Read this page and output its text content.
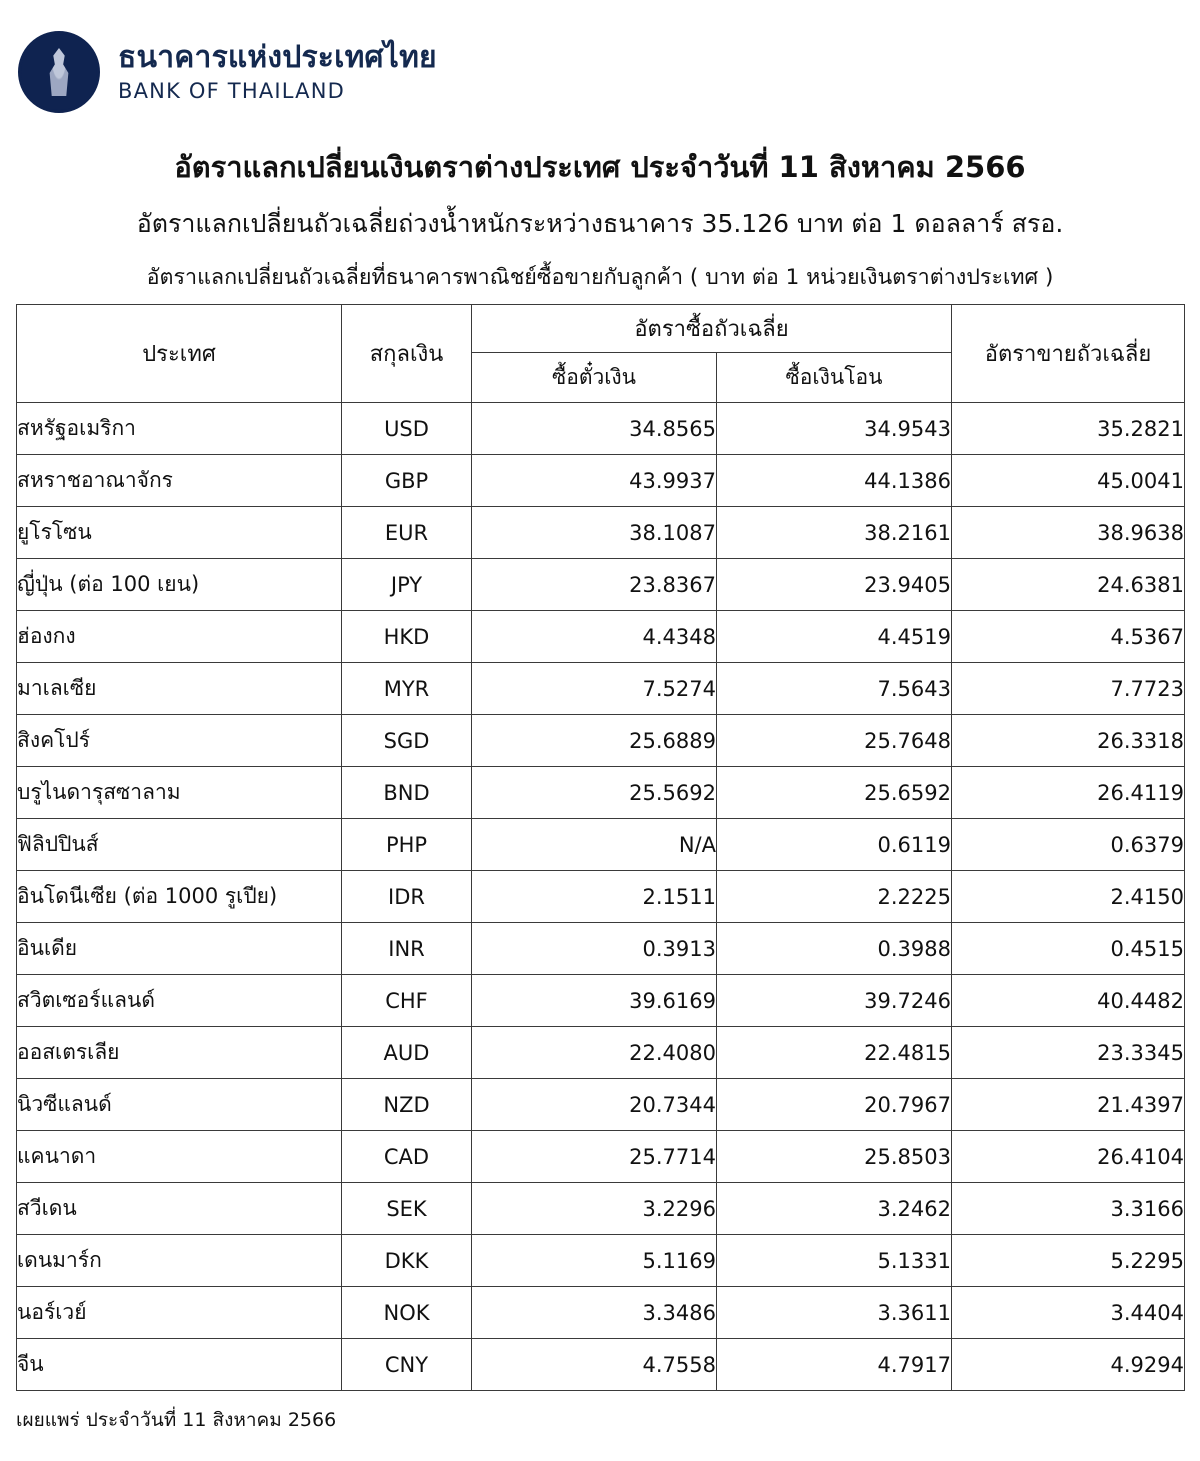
ธนาคารแห่งประเทศไทย
BANK OF THAILAND
อัตราแลกเปลี่ยนเงินตราต่างประเทศ ประจำวันที่ 11 สิงหาคม 2566
อัตราแลกเปลี่ยนถัวเฉลี่ยถ่วงน้ำหนักระหว่างธนาคาร 35.126 บาท ต่อ 1 ดอลลาร์ สรอ.
อัตราแลกเปลี่ยนถัวเฉลี่ยที่ธนาคารพาณิชย์ซื้อขายกับลูกค้า ( บาท ต่อ 1 หน่วยเงินตราต่างประเทศ )
ประเทศ	สกุลเงิน	อัตราซื้อถัวเฉลี่ย		อัตราขายถัวเฉลี่ย
		ซื้อตั๋วเงิน	ซื้อเงินโอน	
สหรัฐอเมริกา	USD	34.8565	34.9543	35.2821
สหราชอาณาจักร	GBP	43.9937	44.1386	45.0041
ยูโรโซน	EUR	38.1087	38.2161	38.9638
ญี่ปุ่น (ต่อ 100 เยน)	JPY	23.8367	23.9405	24.6381
ฮ่องกง	HKD	4.4348	4.4519	4.5367
มาเลเซีย	MYR	7.5274	7.5643	7.7723
สิงคโปร์	SGD	25.6889	25.7648	26.3318
บรูไนดารุสซาลาม	BND	25.5692	25.6592	26.4119
ฟิลิปปินส์	PHP	N/A	0.6119	0.6379
อินโดนีเซีย (ต่อ 1000 รูเปีย)	IDR	2.1511	2.2225	2.4150
อินเดีย	INR	0.3913	0.3988	0.4515
สวิตเซอร์แลนด์	CHF	39.6169	39.7246	40.4482
ออสเตรเลีย	AUD	22.4080	22.4815	23.3345
นิวซีแลนด์	NZD	20.7344	20.7967	21.4397
แคนาดา	CAD	25.7714	25.8503	26.4104
สวีเดน	SEK	3.2296	3.2462	3.3166
เดนมาร์ก	DKK	5.1169	5.1331	5.2295
นอร์เวย์	NOK	3.3486	3.3611	3.4404
จีน	CNY	4.7558	4.7917	4.9294
เผยแพร่ ประจำวันที่ 11 สิงหาคม 2566
